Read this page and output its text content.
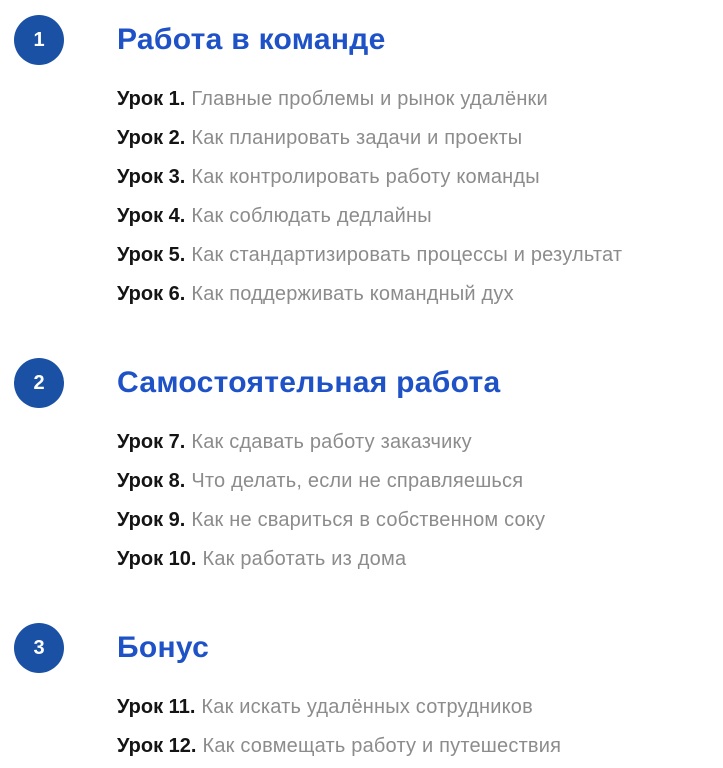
1 Работа в команде
Урок 1. Главные проблемы и рынок удалёнки
Урок 2. Как планировать задачи и проекты
Урок 3. Как контролировать работу команды
Урок 4. Как соблюдать дедлайны
Урок 5. Как стандартизировать процессы и результат
Урок 6. Как поддерживать командный дух
2 Самостоятельная работа
Урок 7. Как сдавать работу заказчику
Урок 8. Что делать, если не справляешься
Урок 9. Как не свариться в собственном соку
Урок 10. Как работать из дома
3 Бонус
Урок 11. Как искать удалённых сотрудников
Урок 12. Как совмещать работу и путешествия
